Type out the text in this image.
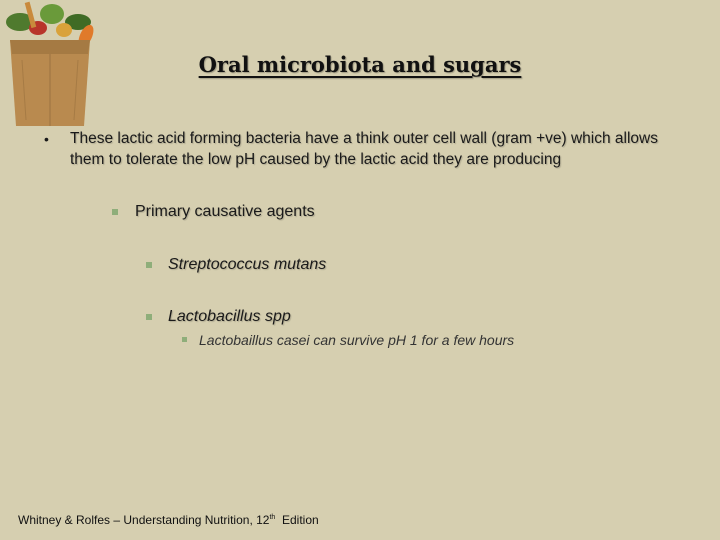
Oral microbiota and sugars
• These lactic acid forming bacteria have a think outer cell wall (gram +ve) which allows them to tolerate the low pH caused by the lactic acid they are producing
Primary causative agents
Streptococcus mutans
Lactobacillus spp
Lactobaillus casei can survive pH 1 for a few hours
Whitney & Rolfes – Understanding Nutrition, 12th  Edition
